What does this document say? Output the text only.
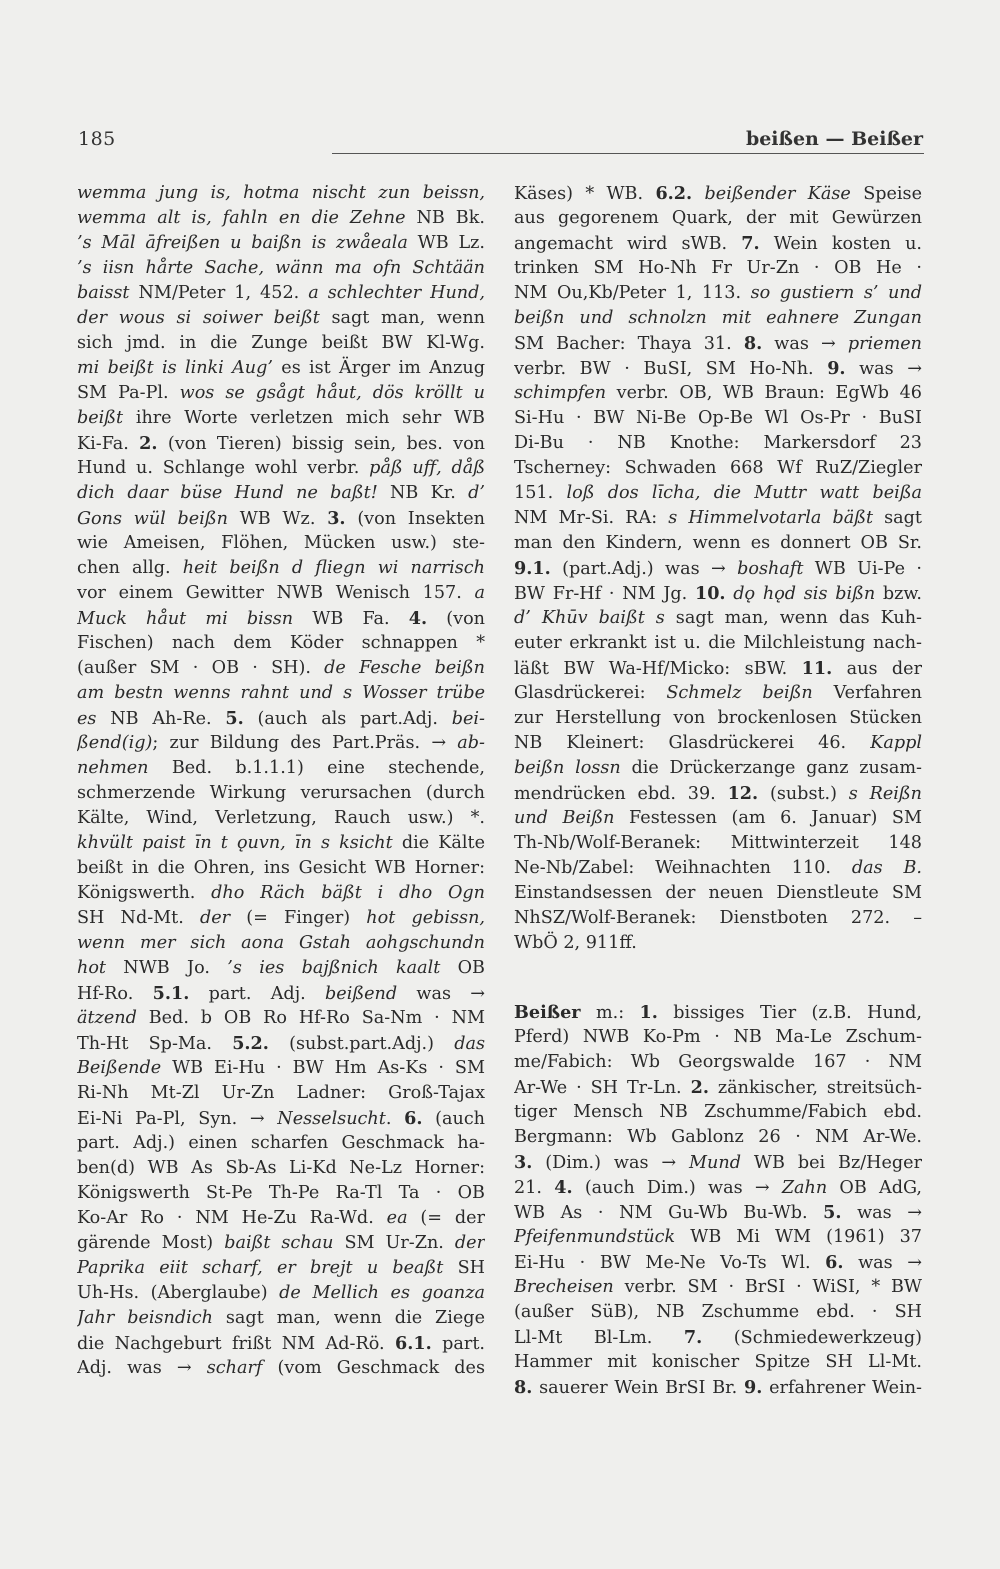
185	beißen — Beißer
wemma jung is, hotma nischt zun beissn,
wemma alt is, fahln en die Zehne NB Bk.
’s Māl āfreißen u baißn is zwåeala WB Lz.
’s iisn hårte Sache, wänn ma ofn Schtään
baisst NM/Peter 1, 452. a schlechter Hund,
der wous si soiwer beißt sagt man, wenn
sich jmd. in die Zunge beißt BW Kl-Wg.
mi beißt is linki Aug’ es ist Ärger im Anzug
SM Pa-Pl. wos se gsågt håut, dös kröllt u
beißt ihre Worte verletzen mich sehr WB
Ki-Fa. 2. (von Tieren) bissig sein, bes. von
Hund u. Schlange wohl verbr. påß uff, dåß
dich daar büse Hund ne baßt! NB Kr. d’
Gons wül beißn WB Wz. 3. (von Insekten
wie Ameisen, Flöhen, Mücken usw.) ste-
chen allg. heit beißn d fliegn wi narrisch
vor einem Gewitter NWB Wenisch 157. a
Muck håut mi bissn WB Fa. 4. (von
Fischen) nach dem Köder schnappen *
(außer SM · OB · SH). de Fesche beißn
am bestn wenns rahnt und s Wosser trübe
es NB Ah-Re. 5. (auch als part.Adj. bei-
ßend(ig); zur Bildung des Part.Präs. → ab-
nehmen Bed. b.1.1.1) eine stechende,
schmerzende Wirkung verursachen (durch
Kälte, Wind, Verletzung, Rauch usw.) *.
khvült paist īn t ǫuvn, īn s ksicht die Kälte
beißt in die Ohren, ins Gesicht WB Horner:
Königswerth. dho Räch bäßt i dho Ogn
SH Nd-Mt. der (= Finger) hot gebissn,
wenn mer sich aona Gstah aohgschundn
hot NWB Jo. ’s ies bajßnich kaalt OB
Hf-Ro. 5.1. part. Adj. beißend was →
ätzend Bed. b OB Ro Hf-Ro Sa-Nm · NM
Th-Ht Sp-Ma. 5.2. (subst.part.Adj.) das
Beißende WB Ei-Hu · BW Hm As-Ks · SM
Ri-Nh Mt-Zl Ur-Zn Ladner: Groß-Tajax
Ei-Ni Pa-Pl, Syn. → Nesselsucht. 6. (auch
part. Adj.) einen scharfen Geschmack ha-
ben(d) WB As Sb-As Li-Kd Ne-Lz Horner:
Königswerth St-Pe Th-Pe Ra-Tl Ta · OB
Ko-Ar Ro · NM He-Zu Ra-Wd. ea (= der
gärende Most) baißt schau SM Ur-Zn. der
Paprika eiit scharf, er brejt u beaßt SH
Uh-Hs. (Aberglaube) de Mellich es goanza
Jahr beisndich sagt man, wenn die Ziege
die Nachgeburt frißt NM Ad-Rö. 6.1. part.
Adj. was → scharf (vom Geschmack des
Käses) * WB. 6.2. beißender Käse Speise
aus gegorenem Quark, der mit Gewürzen
angemacht wird sWB. 7. Wein kosten u.
trinken SM Ho-Nh Fr Ur-Zn · OB He ·
NM Ou,Kb/Peter 1, 113. so gustiern s’ und
beißn und schnolzn mit eahnere Zungan
SM Bacher: Thaya 31. 8. was → priemen
verbr. BW · BuSI, SM Ho-Nh. 9. was →
schimpfen verbr. OB, WB Braun: EgWb 46
Si-Hu · BW Ni-Be Op-Be Wl Os-Pr · BuSI
Di-Bu · NB Knothe: Markersdorf 23
Tscherney: Schwaden 668 Wf RuZ/Ziegler
151. loß dos līcha, die Muttr watt beißa
NM Mr-Si. RA: s Himmelvotarla bäßt sagt
man den Kindern, wenn es donnert OB Sr.
9.1. (part.Adj.) was → boshaft WB Ui-Pe ·
BW Fr-Hf · NM Jg. 10. dǫ hǫd sis bißn bzw.
d’ Khūv baißt s sagt man, wenn das Kuh-
euter erkrankt ist u. die Milchleistung nach-
läßt BW Wa-Hf/Micko: sBW. 11. aus der
Glasdrückerei: Schmelz beißn Verfahren
zur Herstellung von brockenlosen Stücken
NB Kleinert: Glasdrückerei 46. Kappl
beißn lossn die Drückerzange ganz zusam-
mendrücken ebd. 39. 12. (subst.) s Reißn
und Beißn Festessen (am 6. Januar) SM
Th-Nb/Wolf-Beranek: Mittwinterzeit 148
Ne-Nb/Zabel: Weihnachten 110. das B.
Einstandsessen der neuen Dienstleute SM
NhSZ/Wolf-Beranek: Dienstboten 272. –
WbÖ 2, 911ff.
Beißer m.: 1. bissiges Tier (z.B. Hund,
Pferd) NWB Ko-Pm · NB Ma-Le Zschum-
me/Fabich: Wb Georgswalde 167 · NM
Ar-We · SH Tr-Ln. 2. zänkischer, streitsüch-
tiger Mensch NB Zschumme/Fabich ebd.
Bergmann: Wb Gablonz 26 · NM Ar-We.
3. (Dim.) was → Mund WB bei Bz/Heger
21. 4. (auch Dim.) was → Zahn OB AdG,
WB As · NM Gu-Wb Bu-Wb. 5. was →
Pfeifenmundstück WB Mi WM (1961) 37
Ei-Hu · BW Me-Ne Vo-Ts Wl. 6. was →
Brecheisen verbr. SM · BrSI · WiSI, * BW
(außer SüB), NB Zschumme ebd. · SH
Ll-Mt Bl-Lm. 7. (Schmiedewerkzeug)
Hammer mit konischer Spitze SH Ll-Mt.
8. sauerer Wein BrSI Br. 9. erfahrener Wein-
